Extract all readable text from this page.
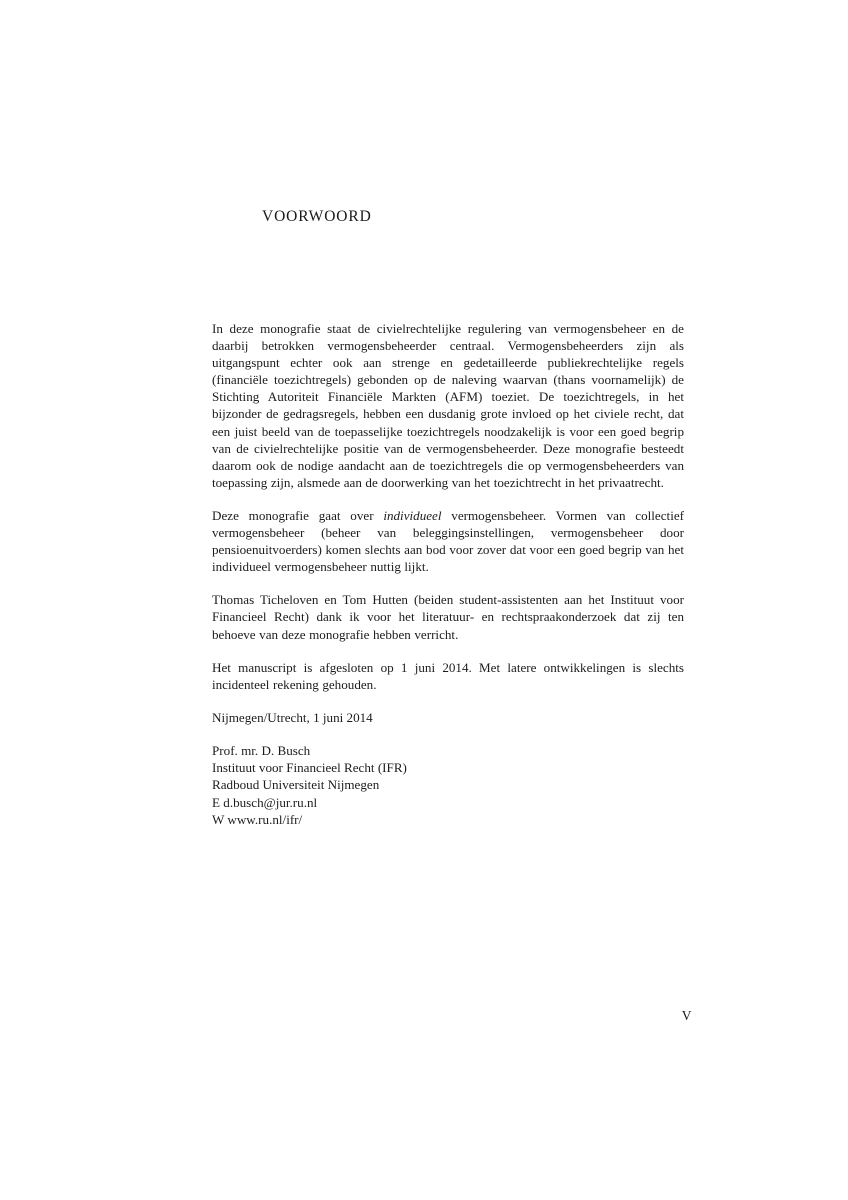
VOORWOORD

In deze monografie staat de civielrechtelijke regulering van vermogensbeheer en de daarbij betrokken vermogensbeheerder centraal. Vermogensbeheerders zijn als uitgangspunt echter ook aan strenge en gedetailleerde publiekrechtelijke regels (financiële toezichtregels) gebonden op de naleving waarvan (thans voornamelijk) de Stichting Autoriteit Financiële Markten (AFM) toeziet. De toezichtregels, in het bijzonder de gedragsregels, hebben een dusdanig grote invloed op het civiele recht, dat een juist beeld van de toepasselijke toezichtregels noodzakelijk is voor een goed begrip van de civielrechtelijke positie van de vermogensbeheerder. Deze monografie besteedt daarom ook de nodige aandacht aan de toezichtregels die op vermogensbeheerders van toepassing zijn, alsmede aan de doorwerking van het toezichtrecht in het privaatrecht.

Deze monografie gaat over individueel vermogensbeheer. Vormen van collectief vermogensbeheer (beheer van beleggingsinstellingen, vermogensbeheer door pensioenuitvoerders) komen slechts aan bod voor zover dat voor een goed begrip van het individueel vermogensbeheer nuttig lijkt.

Thomas Ticheloven en Tom Hutten (beiden student-assistenten aan het Instituut voor Financieel Recht) dank ik voor het literatuur- en rechtspraakonderzoek dat zij ten behoeve van deze monografie hebben verricht.

Het manuscript is afgesloten op 1 juni 2014. Met latere ontwikkelingen is slechts incidenteel rekening gehouden.

Nijmegen/Utrecht, 1 juni 2014

Prof. mr. D. Busch

Instituut voor Financieel Recht (IFR)

Radboud Universiteit Nijmegen

E d.busch@jur.ru.nl

W www.ru.nl/ifr/

V
